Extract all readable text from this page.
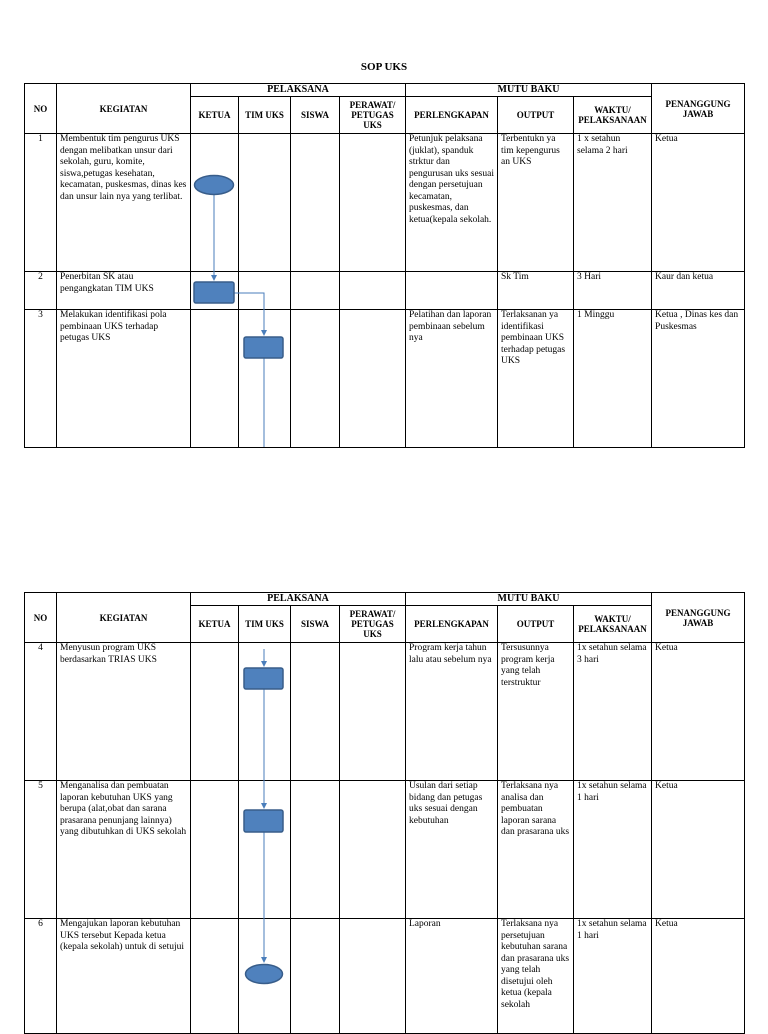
SOP UKS
NO	KEGIATAN	PELAKSANA				MUTU BAKU			PENANGGUNG JAWAB
		KETUA	TIM UKS	SISWA	PERAWAT/ PETUGAS UKS	PERLENGKAPAN	OUTPUT	WAKTU/ PELAKSANAAN	
1	Membentuk tim pengurus UKS dengan melibatkan unsur dari sekolah, guru, komite, siswa,petugas kesehatan, kecamatan, puskesmas, dinas kes dan unsur lain nya yang terlibat.					Petunjuk pelaksana (juklat), spanduk strktur dan pengurusan uks sesuai dengan persetujuan kecamatan, puskesmas, dan ketua(kepala sekolah.	Terbentukn ya tim kepengurus an UKS	1 x setahun selama 2 hari	Ketua
2	Penerbitan SK atau pengangkatan TIM UKS						Sk Tim	3 Hari	Kaur dan ketua
3	Melakukan identifikasi pola pembinaan UKS terhadap petugas UKS					Pelatihan dan laporan pembinaan sebelum nya	Terlaksanan ya identifikasi pembinaan UKS terhadap petugas UKS	1 Minggu	Ketua , Dinas kes dan Puskesmas
NO	KEGIATAN	PELAKSANA				MUTU BAKU			PENANGGUNG JAWAB
		KETUA	TIM UKS	SISWA	PERAWAT/ PETUGAS UKS	PERLENGKAPAN	OUTPUT	WAKTU/ PELAKSANAAN	
4	Menyusun program UKS berdasarkan TRIAS UKS					Program kerja tahun lalu atau sebelum nya	Tersusunnya program kerja yang telah terstruktur	1x setahun selama 3 hari	Ketua
5	Menganalisa dan pembuatan laporan kebutuhan UKS yang berupa (alat,obat dan sarana prasarana penunjang lainnya) yang dibutuhkan di UKS sekolah					Usulan dari setiap bidang dan petugas uks sesuai dengan kebutuhan	Terlaksana nya analisa dan pembuatan laporan sarana dan prasarana uks	1x setahun selama 1 hari	Ketua
6	Mengajukan laporan kebutuhan UKS tersebut Kepada ketua (kepala sekolah) untuk di setujui					Laporan	Terlaksana nya persetujuan kebutuhan sarana dan prasarana uks yang telah disetujui oleh ketua (kepala sekolah	1x setahun selama 1 hari	Ketua
